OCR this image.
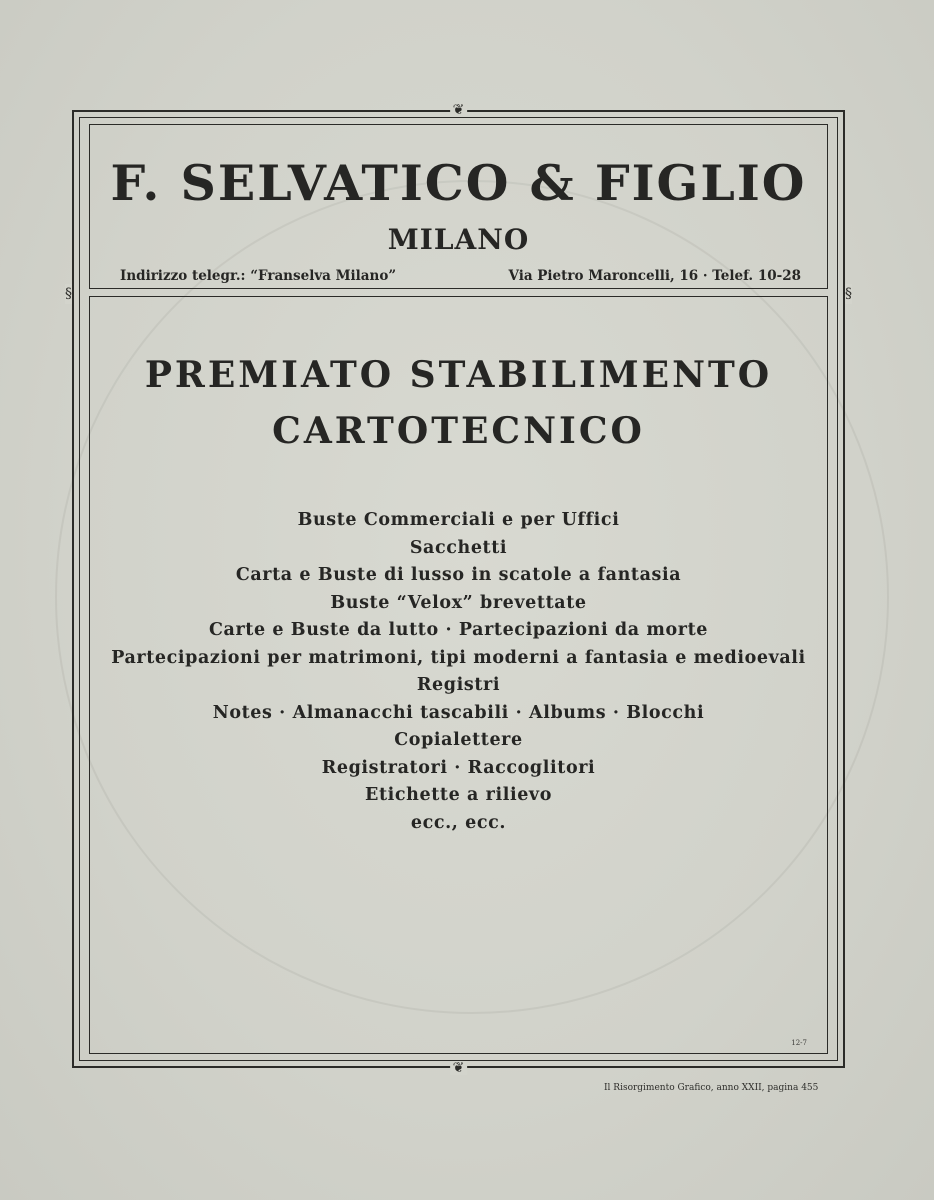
❦
❦
§	§
F. SELVATICO & FIGLIO
MILANO
Indirizzo telegr.: “Franselva Milano”	Via Pietro Maroncelli, 16 · Telef. 10-28
PREMIATO STABILIMENTO
CARTOTECNICO
Buste Commerciali e per Uffici
Sacchetti
Carta e Buste di lusso in scatole a fantasia
Buste “Velox” brevettate
Carte e Buste da lutto · Partecipazioni da morte
Partecipazioni per matrimoni, tipi moderni a fantasia e medioevali
Registri
Notes · Almanacchi tascabili · Albums · Blocchi
Copialettere
Registratori · Raccoglitori
Etichette a rilievo
ecc., ecc.
12-7
Il Risorgimento Grafico, anno XXII, pagina 455
